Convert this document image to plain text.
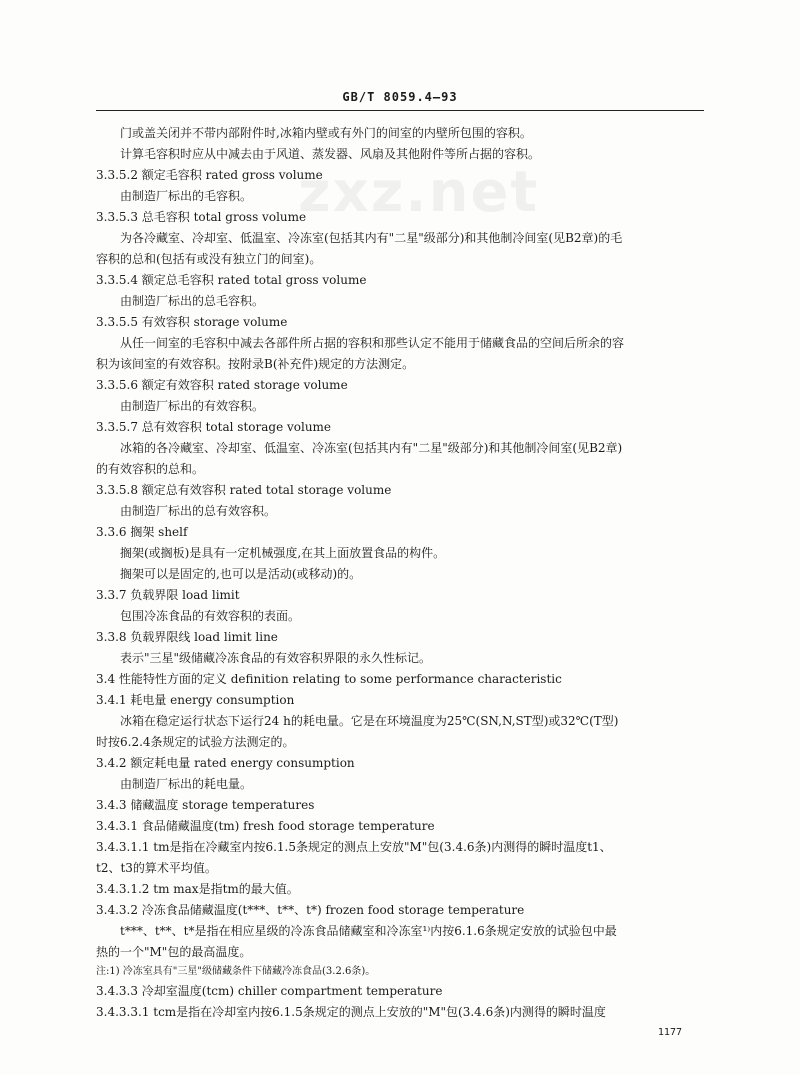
GB/T 8059.4—93
zxz.net
门或盖关闭并不带内部附件时,冰箱内壁或有外门的间室的内壁所包围的容积。
计算毛容积时应从中减去由于风道、蒸发器、风扇及其他附件等所占据的容积。
3.3.5.2 额定毛容积 rated gross volume
由制造厂标出的毛容积。
3.3.5.3 总毛容积 total gross volume
为各冷藏室、冷却室、低温室、冷冻室(包括其内有"二星"级部分)和其他制冷间室(见B2章)的毛
容积的总和(包括有或没有独立门的间室)。
3.3.5.4 额定总毛容积 rated total gross volume
由制造厂标出的总毛容积。
3.3.5.5 有效容积 storage volume
从任一间室的毛容积中减去各部件所占据的容积和那些认定不能用于储藏食品的空间后所余的容
积为该间室的有效容积。按附录B(补充件)规定的方法测定。
3.3.5.6 额定有效容积 rated storage volume
由制造厂标出的有效容积。
3.3.5.7 总有效容积 total storage volume
冰箱的各冷藏室、冷却室、低温室、冷冻室(包括其内有"二星"级部分)和其他制冷间室(见B2章)
的有效容积的总和。
3.3.5.8 额定总有效容积 rated total storage volume
由制造厂标出的总有效容积。
3.3.6 搁架 shelf
搁架(或搁板)是具有一定机械强度,在其上面放置食品的构件。
搁架可以是固定的,也可以是活动(或移动)的。
3.3.7 负载界限 load limit
包围冷冻食品的有效容积的表面。
3.3.8 负载界限线 load limit line
表示"三星"级储藏冷冻食品的有效容积界限的永久性标记。
3.4 性能特性方面的定义 definition relating to some performance characteristic
3.4.1 耗电量 energy consumption
冰箱在稳定运行状态下运行24 h的耗电量。它是在环境温度为25℃(SN,N,ST型)或32℃(T型)
时按6.2.4条规定的试验方法测定的。
3.4.2 额定耗电量 rated energy consumption
由制造厂标出的耗电量。
3.4.3 储藏温度 storage temperatures
3.4.3.1 食品储藏温度(tm) fresh food storage temperature
3.4.3.1.1 tm是指在冷藏室内按6.1.5条规定的测点上安放"M"包(3.4.6条)内测得的瞬时温度t1、
t2、t3的算术平均值。
3.4.3.1.2 tm max是指tm的最大值。
3.4.3.2 冷冻食品储藏温度(t***、t**、t*) frozen food storage temperature
t***、t**、t*是指在相应星级的冷冻食品储藏室和冷冻室¹⁾内按6.1.6条规定安放的试验包中最
热的一个"M"包的最高温度。
注:1) 冷冻室具有"三星"级储藏条件下储藏冷冻食品(3.2.6条)。
3.4.3.3 冷却室温度(tcm) chiller compartment temperature
3.4.3.3.1 tcm是指在冷却室内按6.1.5条规定的测点上安放的"M"包(3.4.6条)内测得的瞬时温度
1177
